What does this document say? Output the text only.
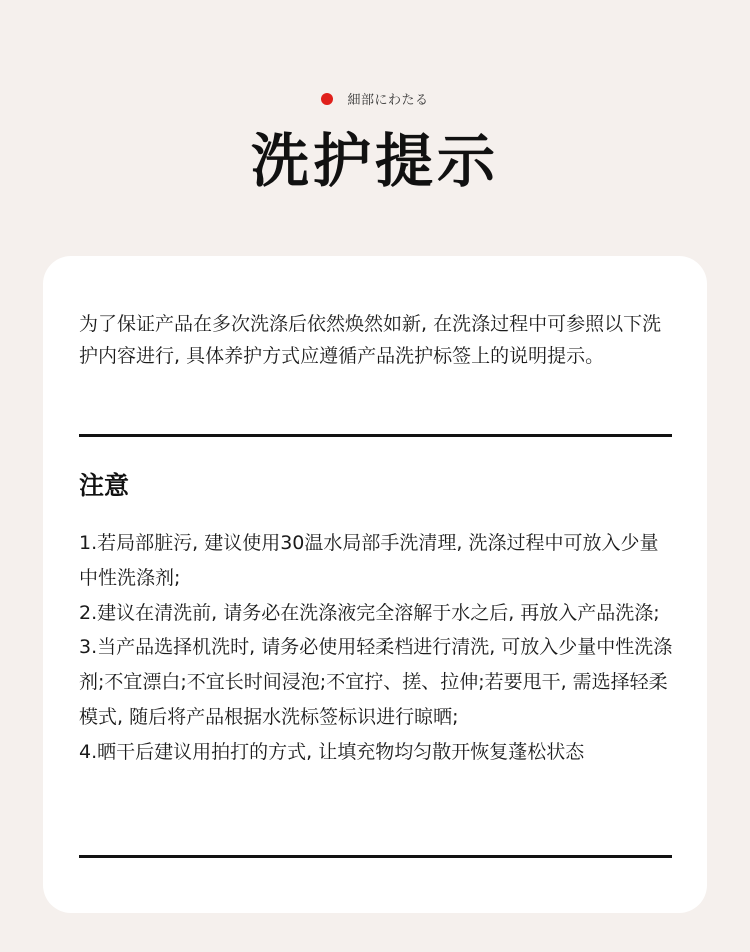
細部にわたる
洗护提示
为了保证产品在多次洗涤后依然焕然如新, 在洗涤过程中可参照以下洗护内容进行, 具体养护方式应遵循产品洗护标签上的说明提示。
注意
1.若局部脏污, 建议使用30温水局部手洗清理, 洗涤过程中可放入少量中性洗涤剂;
2.建议在清洗前, 请务必在洗涤液完全溶解于水之后, 再放入产品洗涤;
3.当产品选择机洗时, 请务必使用轻柔档进行清洗, 可放入少量中性洗涤剂;不宜漂白;不宜长时间浸泡;不宜拧、搓、拉伸;若要甩干, 需选择轻柔模式, 随后将产品根据水洗标签标识进行晾晒;
4.晒干后建议用拍打的方式, 让填充物均匀散开恢复蓬松状态
